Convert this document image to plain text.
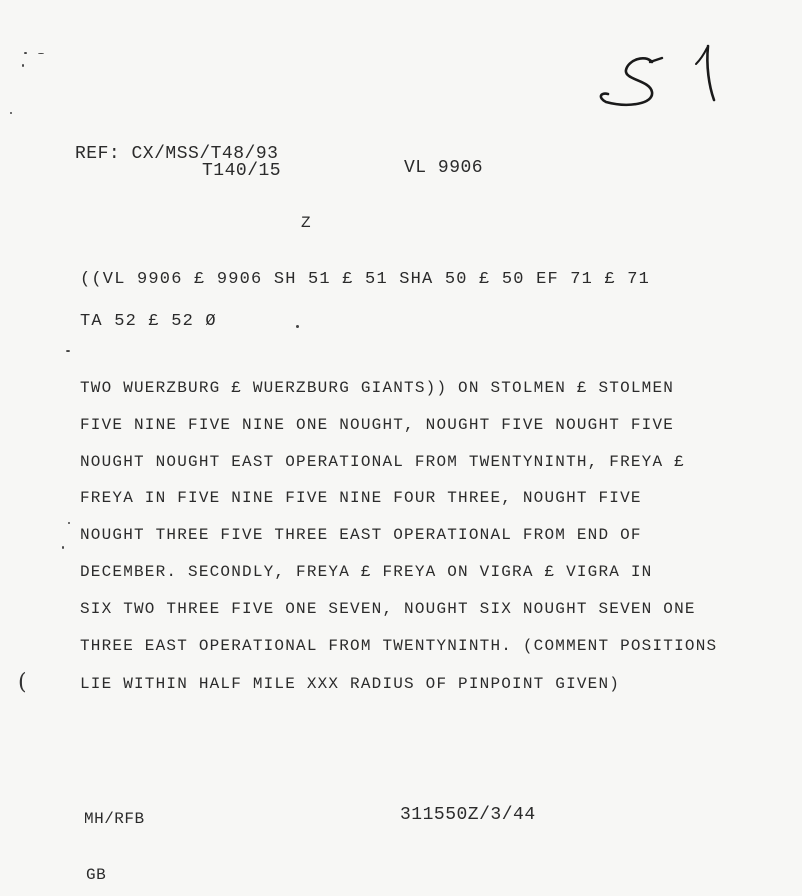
REF: CX/MSS/T48/93
T140/15	VL 9906
Z
((VL 9906 £ 9906 SH 51 £ 51 SHA 50 £ 50 EF 71 £ 71
TA 52 £ 52 Ø
TWO WUERZBURG £ WUERZBURG GIANTS)) ON STOLMEN £ STOLMEN
FIVE NINE FIVE NINE ONE NOUGHT, NOUGHT FIVE NOUGHT FIVE
NOUGHT NOUGHT EAST OPERATIONAL FROM TWENTYNINTH, FREYA £
FREYA IN FIVE NINE FIVE NINE FOUR THREE, NOUGHT FIVE
NOUGHT THREE FIVE THREE EAST OPERATIONAL FROM END OF
DECEMBER. SECONDLY, FREYA £ FREYA ON VIGRA £ VIGRA IN
SIX TWO THREE FIVE ONE SEVEN, NOUGHT SIX NOUGHT SEVEN ONE
THREE EAST OPERATIONAL FROM TWENTYNINTH. (COMMENT POSITIONS
LIE WITHIN HALF MILE XXX RADIUS OF PINPOINT GIVEN)
MH/RFB	311550Z/3/44
GB
(
